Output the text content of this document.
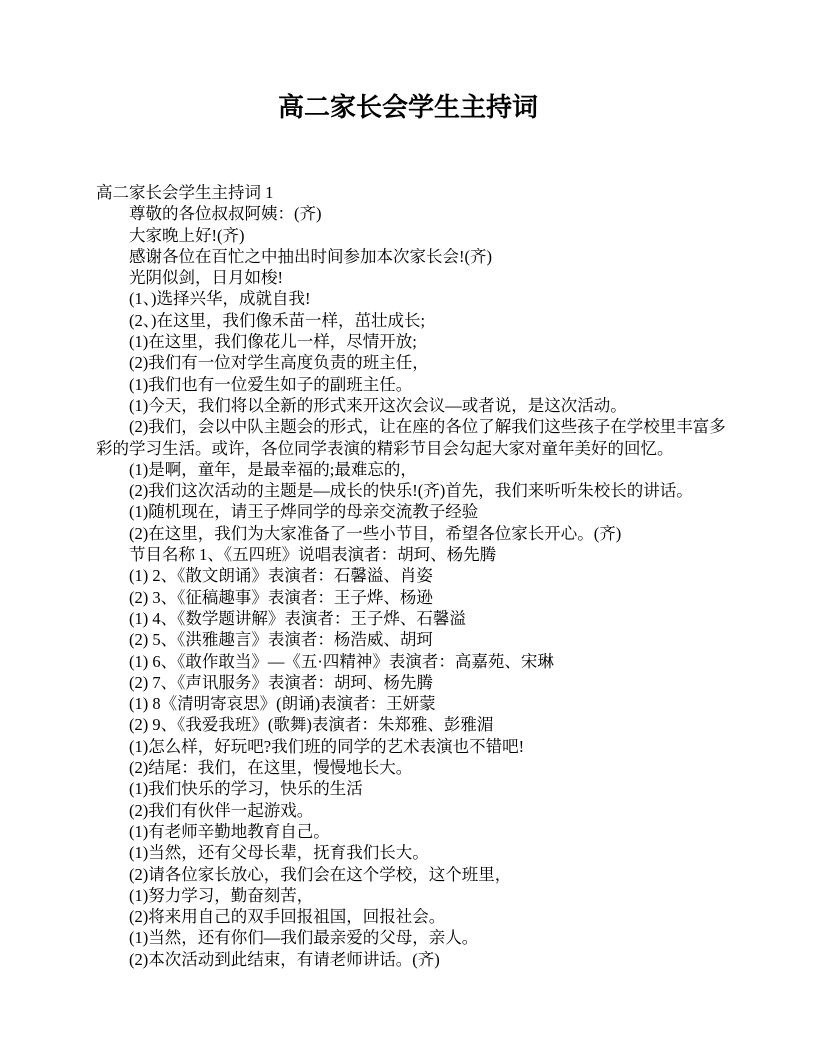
高二家长会学生主持词

高二家长会学生主持词 1

尊敬的各位叔叔阿姨：(齐)

大家晚上好!(齐)

感谢各位在百忙之中抽出时间参加本次家长会!(齐)

光阴似剑，日月如梭!

(1、)选择兴华，成就自我!

(2、)在这里，我们像禾苗一样，茁壮成长;

(1)在这里，我们像花儿一样，尽情开放;

(2)我们有一位对学生高度负责的班主任，

(1)我们也有一位爱生如子的副班主任。

(1)今天，我们将以全新的形式来开这次会议—或者说，是这次活动。

(2)我们，会以中队主题会的形式，让在座的各位了解我们这些孩子在学校里丰富多

彩的学习生活。或许，各位同学表演的精彩节目会勾起大家对童年美好的回忆。

(1)是啊，童年，是最幸福的;最难忘的，

(2)我们这次活动的主题是—成长的快乐!(齐)首先，我们来听听朱校长的讲话。

(1)随机现在，请王子烨同学的母亲交流教子经验

(2)在这里，我们为大家准备了一些小节目，希望各位家长开心。(齐)

节目名称 1、《五四班》说唱表演者：胡珂、杨先腾

(1) 2、《散文朗诵》表演者：石馨溢、肖姿

(2) 3、《征稿趣事》表演者：王子烨、杨逊

(1) 4、《数学题讲解》表演者：王子烨、石馨溢

(2) 5、《洪雅趣言》表演者：杨浩威、胡珂

(1) 6、《敢作敢当》—《五·四精神》表演者：高嘉苑、宋琳

(2) 7、《声讯服务》表演者：胡珂、杨先腾

(1) 8《清明寄哀思》(朗诵)表演者：王妍蒙

(2) 9、《我爱我班》(歌舞)表演者：朱郑雅、彭雅湄

(1)怎么样，好玩吧?我们班的同学的艺术表演也不错吧!

(2)结尾：我们，在这里，慢慢地长大。

(1)我们快乐的学习，快乐的生活

(2)我们有伙伴一起游戏。

(1)有老师辛勤地教育自己。

(1)当然，还有父母长辈，抚育我们长大。

(2)请各位家长放心，我们会在这个学校，这个班里，

(1)努力学习，勤奋刻苦，

(2)将来用自己的双手回报祖国，回报社会。

(1)当然，还有你们—我们最亲爱的父母，亲人。

(2)本次活动到此结束，有请老师讲话。(齐)
